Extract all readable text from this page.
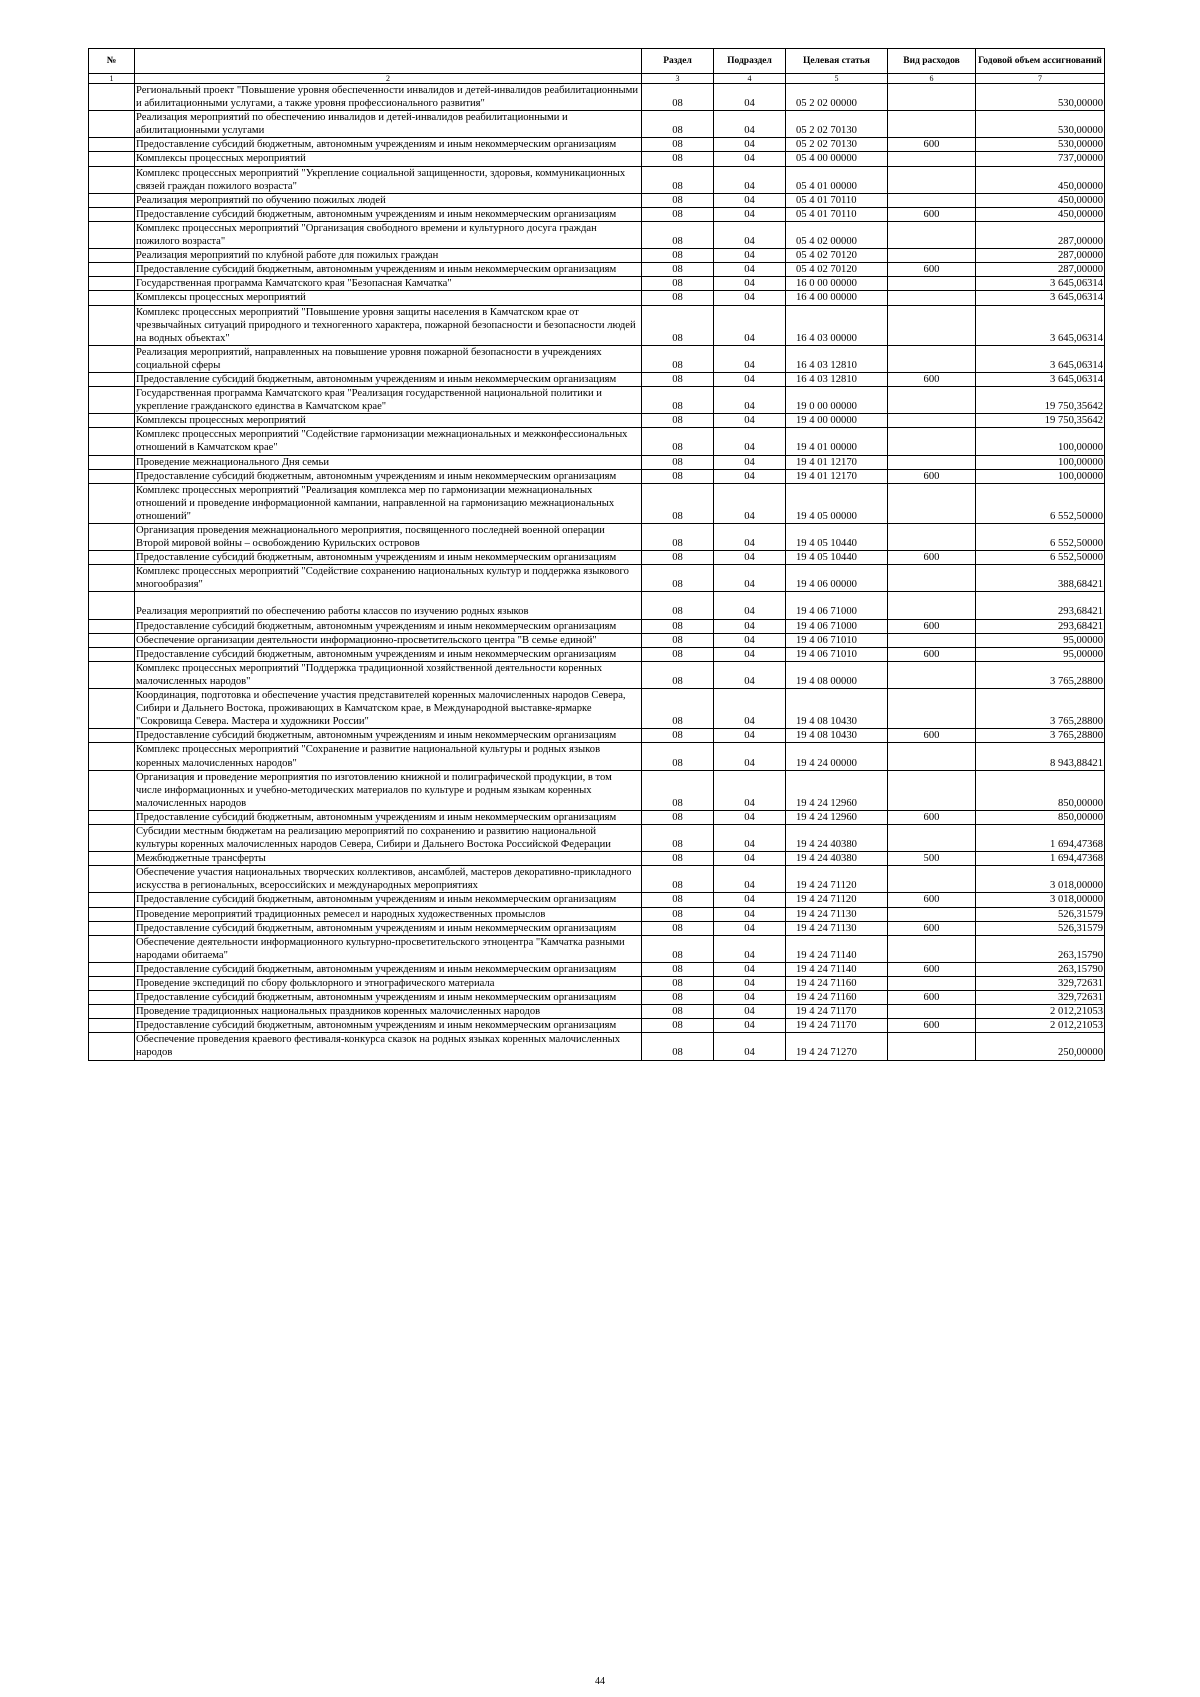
№		Раздел	Подраздел	Целевая статья	Вид расходов	Годовой объем ассигнований
1	2	3	4	5	6	7
	Региональный проект "Повышение уровня обеспеченности инвалидов и детей-инвалидов реабилитационными и абилитационными услугами, а также уровня профессионального развития"	08	04	05 2 02 00000		530,00000
	Реализация мероприятий по обеспечению инвалидов и детей-инвалидов реабилитационными и абилитационными услугами	08	04	05 2 02 70130		530,00000
	Предоставление субсидий бюджетным, автономным учреждениям и иным некоммерческим организациям	08	04	05 2 02 70130	600	530,00000
	Комплексы процессных мероприятий	08	04	05 4 00 00000		737,00000
	Комплекс процессных мероприятий "Укрепление социальной защищенности, здоровья, коммуникационных связей граждан пожилого возраста"	08	04	05 4 01 00000		450,00000
	Реализация мероприятий по обучению пожилых людей	08	04	05 4 01 70110		450,00000
	Предоставление субсидий бюджетным, автономным учреждениям и иным некоммерческим организациям	08	04	05 4 01 70110	600	450,00000
	Комплекс процессных мероприятий "Организация свободного времени и культурного досуга граждан пожилого возраста"	08	04	05 4 02 00000		287,00000
	Реализация мероприятий по клубной работе для пожилых граждан	08	04	05 4 02 70120		287,00000
	Предоставление субсидий бюджетным, автономным учреждениям и иным некоммерческим организациям	08	04	05 4 02 70120	600	287,00000
	Государственная программа Камчатского края "Безопасная Камчатка"	08	04	16 0 00 00000		3 645,06314
	Комплексы процессных мероприятий	08	04	16 4 00 00000		3 645,06314
	Комплекс процессных мероприятий "Повышение уровня защиты населения в Камчатском крае от чрезвычайных ситуаций природного и техногенного характера, пожарной безопасности и безопасности людей на водных объектах"	08	04	16 4 03 00000		3 645,06314
	Реализация мероприятий, направленных на повышение уровня пожарной безопасности в учреждениях социальной сферы	08	04	16 4 03 12810		3 645,06314
	Предоставление субсидий бюджетным, автономным учреждениям и иным некоммерческим организациям	08	04	16 4 03 12810	600	3 645,06314
	Государственная программа Камчатского края "Реализация государственной национальной политики и укрепление гражданского единства в Камчатском крае"	08	04	19 0 00 00000		19 750,35642
	Комплексы процессных мероприятий	08	04	19 4 00 00000		19 750,35642
	Комплекс процессных мероприятий "Содействие гармонизации межнациональных и межконфессиональных отношений в Камчатском крае"	08	04	19 4 01 00000		100,00000
	Проведение межнационального Дня семьи	08	04	19 4 01 12170		100,00000
	Предоставление субсидий бюджетным, автономным учреждениям и иным некоммерческим организациям	08	04	19 4 01 12170	600	100,00000
	Комплекс процессных мероприятий "Реализация комплекса мер по гармонизации межнациональных отношений и проведение информационной кампании, направленной на гармонизацию межнациональных отношений"	08	04	19 4 05 00000		6 552,50000
	Организация проведения межнационального мероприятия, посвященного последней военной операции Второй мировой войны – освобождению Курильских островов	08	04	19 4 05 10440		6 552,50000
	Предоставление субсидий бюджетным, автономным учреждениям и иным некоммерческим организациям	08	04	19 4 05 10440	600	6 552,50000
	Комплекс процессных мероприятий "Содействие сохранению национальных культур и поддержка языкового многообразия"	08	04	19 4 06 00000		388,68421
	Реализация мероприятий по обеспечению работы классов по изучению родных языков	08	04	19 4 06 71000		293,68421
	Предоставление субсидий бюджетным, автономным учреждениям и иным некоммерческим организациям	08	04	19 4 06 71000	600	293,68421
	Обеспечение организации деятельности информационно-просветительского центра "В семье единой"	08	04	19 4 06 71010		95,00000
	Предоставление субсидий бюджетным, автономным учреждениям и иным некоммерческим организациям	08	04	19 4 06 71010	600	95,00000
	Комплекс процессных мероприятий "Поддержка традиционной хозяйственной деятельности коренных малочисленных народов"	08	04	19 4 08 00000		3 765,28800
	Координация, подготовка и обеспечение участия представителей коренных малочисленных народов Севера, Сибири и Дальнего Востока, проживающих в Камчатском крае, в Международной выставке-ярмарке "Сокровища Севера. Мастера и художники России"	08	04	19 4 08 10430		3 765,28800
	Предоставление субсидий бюджетным, автономным учреждениям и иным некоммерческим организациям	08	04	19 4 08 10430	600	3 765,28800
	Комплекс процессных мероприятий "Сохранение и развитие национальной культуры и родных языков коренных малочисленных народов"	08	04	19 4 24 00000		8 943,88421
	Организация и проведение мероприятия по изготовлению книжной и полиграфической продукции, в том числе информационных и учебно-методических материалов по культуре и родным языкам коренных малочисленных народов	08	04	19 4 24 12960		850,00000
	Предоставление субсидий бюджетным, автономным учреждениям и иным некоммерческим организациям	08	04	19 4 24 12960	600	850,00000
	Субсидии местным бюджетам на реализацию мероприятий по сохранению и развитию национальной культуры коренных малочисленных народов Севера, Сибири и Дальнего Востока Российской Федерации	08	04	19 4 24 40380		1 694,47368
	Межбюджетные трансферты	08	04	19 4 24 40380	500	1 694,47368
	Обеспечение участия национальных творческих коллективов, ансамблей, мастеров декоративно-прикладного искусства в региональных, всероссийских и международных мероприятиях	08	04	19 4 24 71120		3 018,00000
	Предоставление субсидий бюджетным, автономным учреждениям и иным некоммерческим организациям	08	04	19 4 24 71120	600	3 018,00000
	Проведение мероприятий традиционных ремесел и народных художественных промыслов	08	04	19 4 24 71130		526,31579
	Предоставление субсидий бюджетным, автономным учреждениям и иным некоммерческим организациям	08	04	19 4 24 71130	600	526,31579
	Обеспечение деятельности информационного культурно-просветительского этноцентра "Камчатка разными народами обитаема"	08	04	19 4 24 71140		263,15790
	Предоставление субсидий бюджетным, автономным учреждениям и иным некоммерческим организациям	08	04	19 4 24 71140	600	263,15790
	Проведение экспедиций по сбору фольклорного и этнографического материала	08	04	19 4 24 71160		329,72631
	Предоставление субсидий бюджетным, автономным учреждениям и иным некоммерческим организациям	08	04	19 4 24 71160	600	329,72631
	Проведение традиционных национальных праздников коренных малочисленных народов	08	04	19 4 24 71170		2 012,21053
	Предоставление субсидий бюджетным, автономным учреждениям и иным некоммерческим организациям	08	04	19 4 24 71170	600	2 012,21053
	Обеспечение проведения краевого фестиваля-конкурса сказок на родных языках коренных малочисленных народов	08	04	19 4 24 71270		250,00000
44
